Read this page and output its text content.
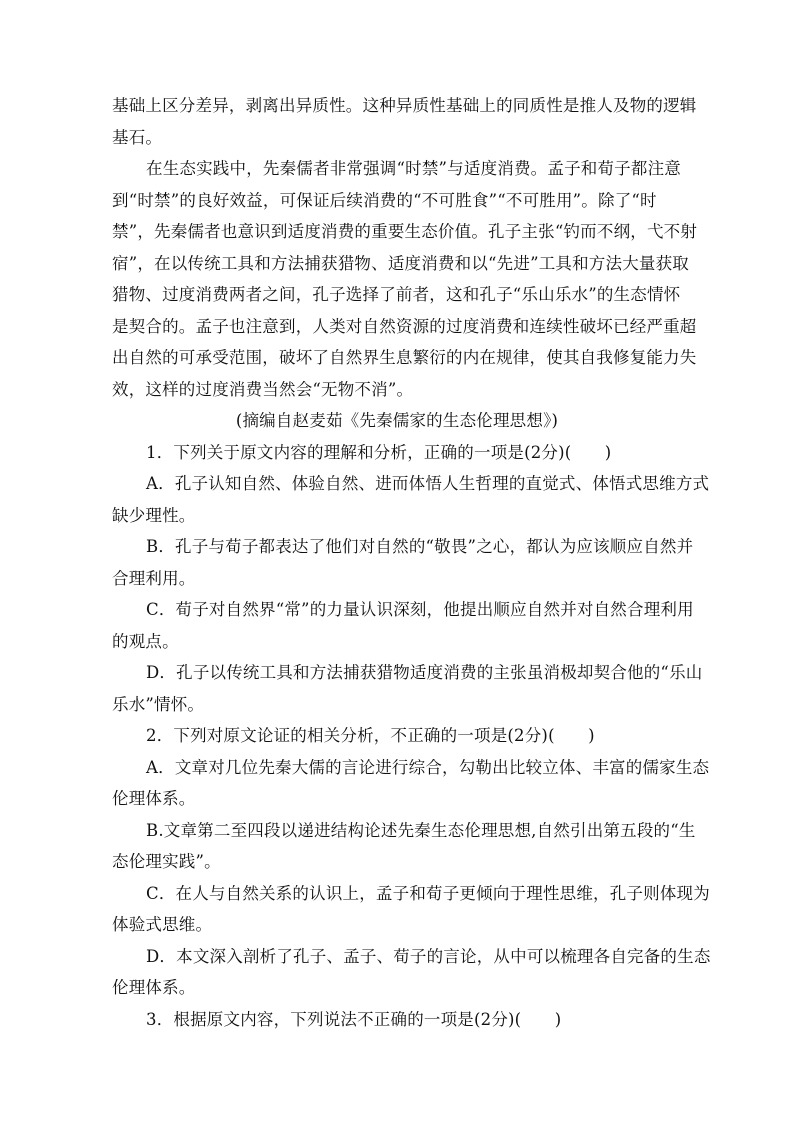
基础上区分差异，剥离出异质性。这种异质性基础上的同质性是推人及物的逻辑
基石。
在生态实践中，先秦儒者非常强调“时禁”与适度消费。孟子和荀子都注意
到“时禁”的良好效益，可保证后续消费的“不可胜食”“不可胜用”。除了“时
禁”，先秦儒者也意识到适度消费的重要生态价值。孔子主张“钓而不纲，弋不射
宿”，在以传统工具和方法捕获猎物、适度消费和以“先进”工具和方法大量获取
猎物、过度消费两者之间，孔子选择了前者，这和孔子“乐山乐水”的生态情怀
是契合的。孟子也注意到，人类对自然资源的过度消费和连续性破坏已经严重超
出自然的可承受范围，破坏了自然界生息繁衍的内在规律，使其自我修复能力失
效，这样的过度消费当然会“无物不消”。
(摘编自赵麦茹《先秦儒家的生态伦理思想》)
1．下列关于原文内容的理解和分析，正确的一项是(2分)(　　)
A．孔子认知自然、体验自然、进而体悟人生哲理的直觉式、体悟式思维方式
缺少理性。
B．孔子与荀子都表达了他们对自然的“敬畏”之心，都认为应该顺应自然并
合理利用。
C．荀子对自然界“常”的力量认识深刻，他提出顺应自然并对自然合理利用
的观点。
D．孔子以传统工具和方法捕获猎物适度消费的主张虽消极却契合他的“乐山
乐水”情怀。
2．下列对原文论证的相关分析，不正确的一项是(2分)(　　)
A．文章对几位先秦大儒的言论进行综合，勾勒出比较立体、丰富的儒家生态
伦理体系。
B.文章第二至四段以递进结构论述先秦生态伦理思想,自然引出第五段的“生
态伦理实践”。
C．在人与自然关系的认识上，孟子和荀子更倾向于理性思维，孔子则体现为
体验式思维。
D．本文深入剖析了孔子、孟子、荀子的言论，从中可以梳理各自完备的生态
伦理体系。
3．根据原文内容，下列说法不正确的一项是(2分)(　　)
